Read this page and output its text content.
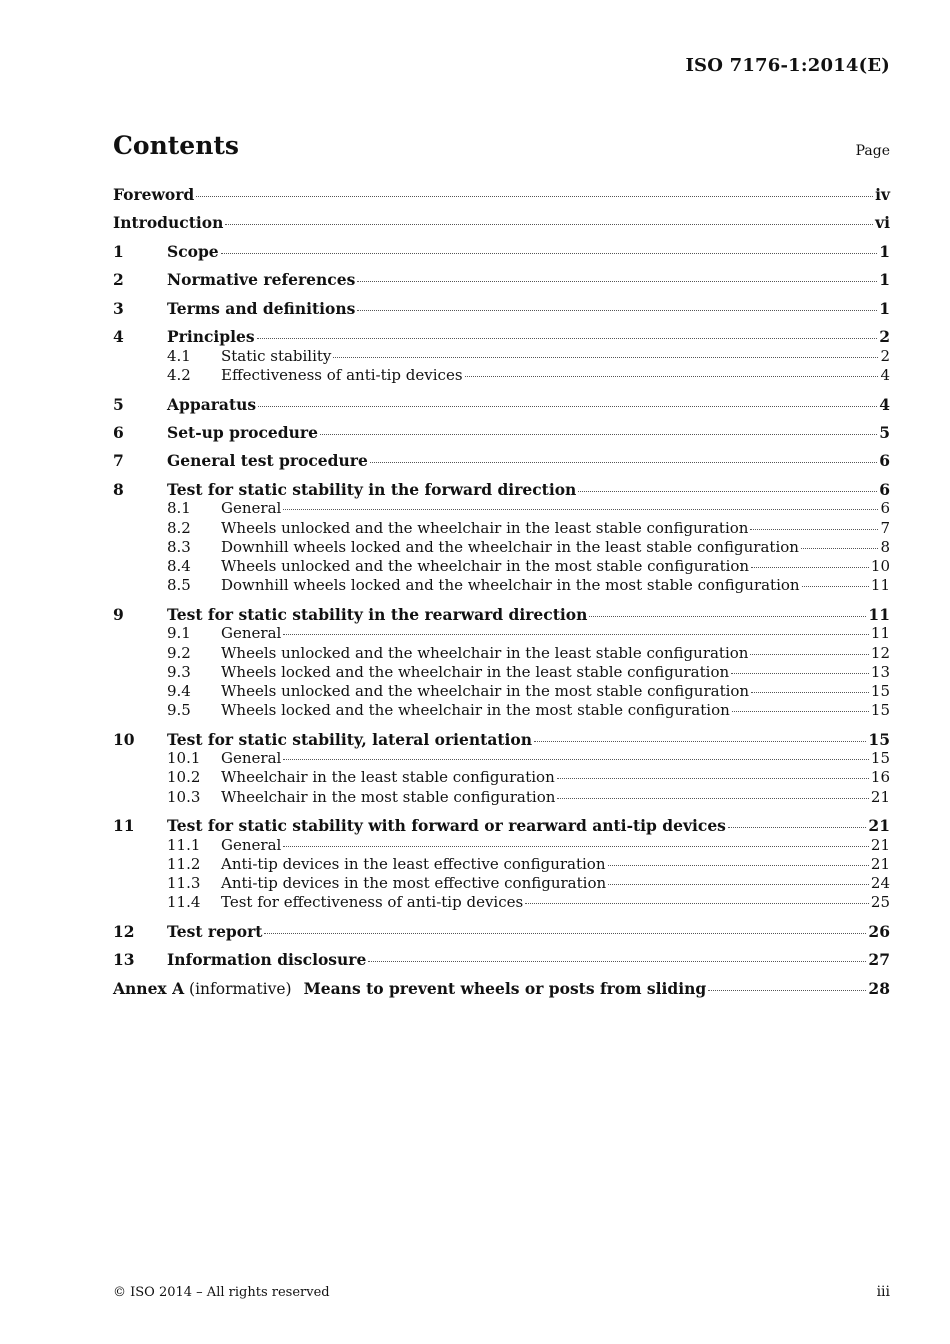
ISO 7176-1:2014(E)
Contents	Page
Foreword	iv
Introduction	vi
1	Scope	1
2	Normative references	1
3	Terms and definitions	1
4	Principles	2
4.1	Static stability	2
4.2	Effectiveness of anti-tip devices	4
5	Apparatus	4
6	Set-up procedure	5
7	General test procedure	6
8	Test for static stability in the forward direction	6
8.1	General	6
8.2	Wheels unlocked and the wheelchair in the least stable configuration	7
8.3	Downhill wheels locked and the wheelchair in the least stable configuration	8
8.4	Wheels unlocked and the wheelchair in the most stable configuration	10
8.5	Downhill wheels locked and the wheelchair in the most stable configuration	11
9	Test for static stability in the rearward direction	11
9.1	General	11
9.2	Wheels unlocked and the wheelchair in the least stable configuration	12
9.3	Wheels locked and the wheelchair in the least stable configuration	13
9.4	Wheels unlocked and the wheelchair in the most stable configuration	15
9.5	Wheels locked and the wheelchair in the most stable configuration	15
10	Test for static stability, lateral orientation	15
10.1	General	15
10.2	Wheelchair in the least stable configuration	16
10.3	Wheelchair in the most stable configuration	21
11	Test for static stability with forward or rearward anti-tip devices	21
11.1	General	21
11.2	Anti-tip devices in the least effective configuration	21
11.3	Anti-tip devices in the most effective configuration	24
11.4	Test for effectiveness of anti-tip devices	25
12	Test report	26
13	Information disclosure	27
Annex A (informative) Means to prevent wheels or posts from sliding	28
© ISO 2014 – All rights reserved	iii
